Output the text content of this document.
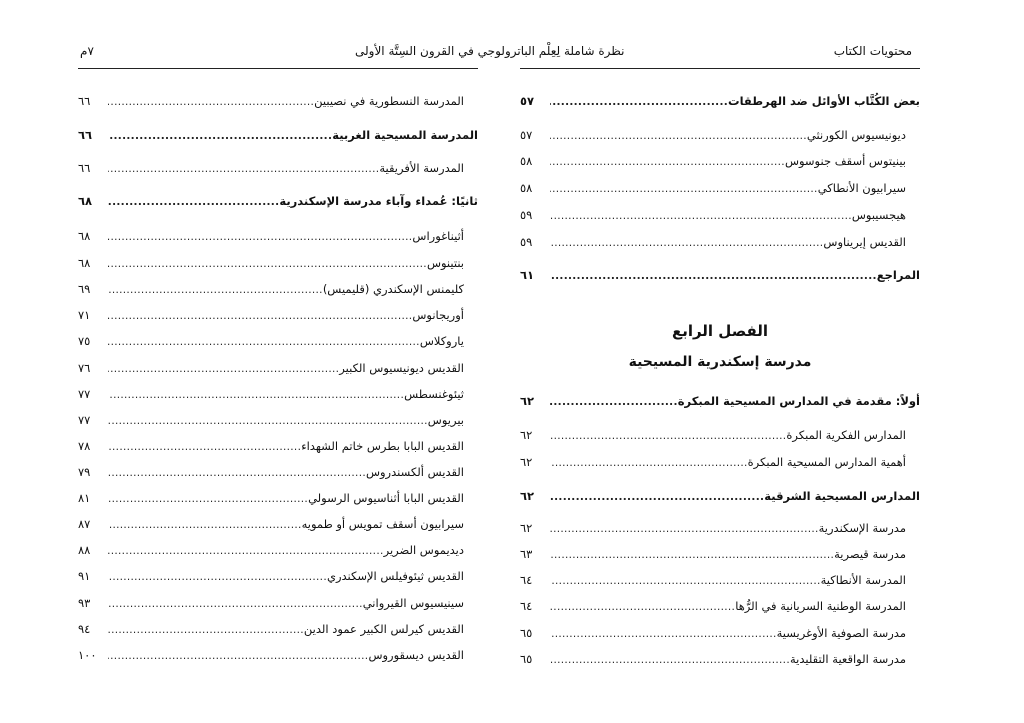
محتويات الكتاب
نظرة شاملة لِعِلْم الباترولوجي في القرون السِتَّة الأولى
٧م
بعض الكُتَّاب الأوائل ضد الهرطقات
.....
٥٧
ديونيسيوس الكورنثي
.....
٥٧
بينيتوس أسقف جنوسوس
.....
٥٨
سيرابيون الأنطاكي
.....
٥٨
هيجسيبوس
.....
٥٩
القديس إيريناوس
.....
٥٩
المراجع
.....
٦١
الفصل الرابع
مدرسة إسكندرية المسيحية
أولاً: مقدمة في المدارس المسيحية المبكرة
.....
٦٢
المدارس الفكرية المبكرة
.....
٦٢
أهمية المدارس المسيحية المبكرة
.....
٦٢
المدارس المسيحية الشرقية
.....
٦٢
مدرسة الإسكندرية
.....
٦٢
مدرسة قيصرية
.....
٦٣
المدرسة الأنطاكية
.....
٦٤
المدرسة الوطنية السريانية في الرُّها
.....
٦٤
مدرسة الصوفية الأوغريسية
.....
٦٥
مدرسة الواقعية التقليدية
.....
٦٥
المدرسة النسطورية في نصيبين
.....
٦٦
المدرسة المسيحية الغربية
.....
٦٦
المدرسة الأفريقية
.....
٦٦
ثانيًا: عُمداء وآباء مدرسة الإسكندرية
.....
٦٨
أثيناغوراس
.....
٦٨
بنتينوس
.....
٦٨
كليمنس الإسكندري (قليميس)
.....
٦٩
أوريجانوس
.....
٧١
ياروكلاس
.....
٧٥
القديس ديونيسيوس الكبير
.....
٧٦
ثيئوغنسطس
.....
٧٧
بيريوس
.....
٧٧
القديس البابا بطرس خاتم الشهداء
.....
٧٨
القديس ألكسندروس
.....
٧٩
القديس البابا أثناسيوس الرسولي
.....
٨١
سيرابيون أسقف تمويس أو طمويه
.....
٨٧
ديديموس الضرير
.....
٨٨
القديس ثيئوفيلس الإسكندري
.....
٩١
سينيسيوس القيرواني
.....
٩٣
القديس كيرلس الكبير عمود الدين
.....
٩٤
القديس ديسقوروس
.....
١٠٠
